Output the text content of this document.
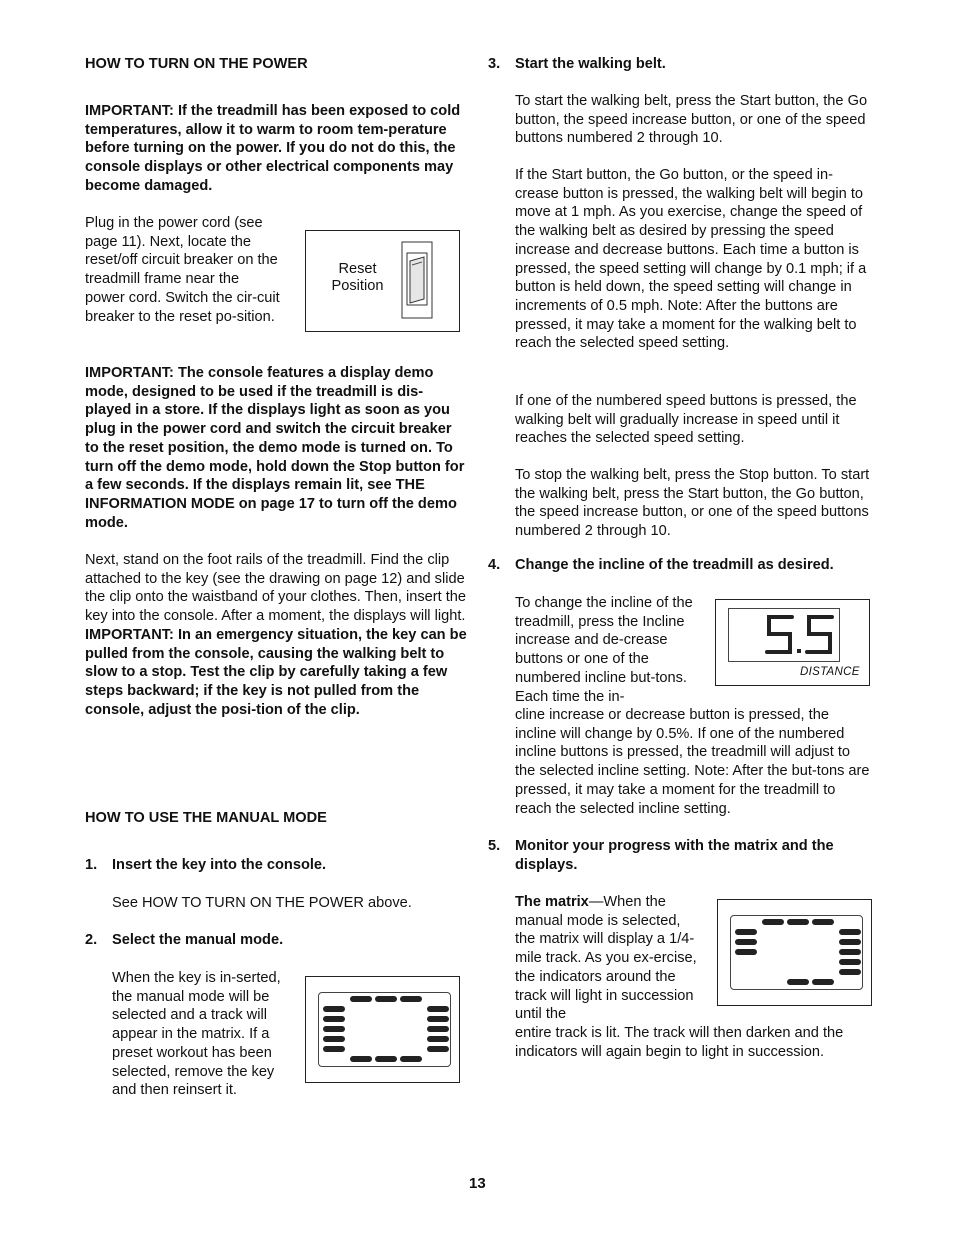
HOW TO TURN ON THE POWER

IMPORTANT: If the treadmill has been exposed to cold temperatures, allow it to warm to room tem-perature before turning on the power. If you do not do this, the console displays or other electrical components may become damaged.

Plug in the power cord (see page 11). Next, locate the reset/off circuit breaker on the treadmill frame near the power cord. Switch the cir-cuit breaker to the reset po-sition.

Reset
Position

IMPORTANT: The console features a display demo mode, designed to be used if the treadmill is dis-played in a store. If the displays light as soon as you plug in the power cord and switch the circuit breaker to the reset position, the demo mode is turned on. To turn off the demo mode, hold down the Stop button for a few seconds. If the displays remain lit, see THE INFORMATION MODE on page 17 to turn off the demo mode.

Next, stand on the foot rails of the treadmill. Find the clip attached to the key (see the drawing on page 12) and slide the clip onto the waistband of your clothes. Then, insert the key into the console. After a moment, the displays will light. IMPORTANT: In an emergency situation, the key can be pulled from the console, causing the walking belt to slow to a stop. Test the clip by carefully taking a few steps backward; if the key is not pulled from the console, adjust the posi-tion of the clip.

HOW TO USE THE MANUAL MODE
1. Insert the key into the console.

See HOW TO TURN ON THE POWER above.

2. Select the manual mode.

When the key is in-serted, the manual mode will be selected and a track will appear in the matrix. If a preset workout has been selected, remove the key and then reinsert it.

3. Start the walking belt.

To start the walking belt, press the Start button, the Go button, the speed increase button, or one of the speed buttons numbered 2 through 10.

If the Start button, the Go button, or the speed in-crease button is pressed, the walking belt will begin to move at 1 mph. As you exercise, change the speed of the walking belt as desired by pressing the speed increase and decrease buttons. Each time a button is pressed, the speed setting will change by 0.1 mph; if a button is held down, the speed setting will change in increments of 0.5 mph. Note: After the buttons are pressed, it may take a moment for the walking belt to reach the selected speed setting.

If one of the numbered speed buttons is pressed, the walking belt will gradually increase in speed until it reaches the selected speed setting.

To stop the walking belt, press the Stop button. To start the walking belt, press the Start button, the Go button, the speed increase button, or one of the speed buttons numbered 2 through 10.

4. Change the incline of the treadmill as desired.

To change the incline of the treadmill, press the Incline increase and de-crease buttons or one of the numbered incline but-tons. Each time the in-

cline increase or decrease button is pressed, the incline will change by 0.5%. If one of the numbered incline buttons is pressed, the treadmill will adjust to the selected incline setting. Note: After the but-tons are pressed, it may take a moment for the treadmill to reach the selected incline setting.

DISTANCE
5. Monitor your progress with the matrix and the displays.

The matrix—When the manual mode is selected, the matrix will display a 1/4-mile track. As you ex-ercise, the indicators around the track will light in succession until the

entire track is lit. The track will then darken and the indicators will again begin to light in succession.

13
